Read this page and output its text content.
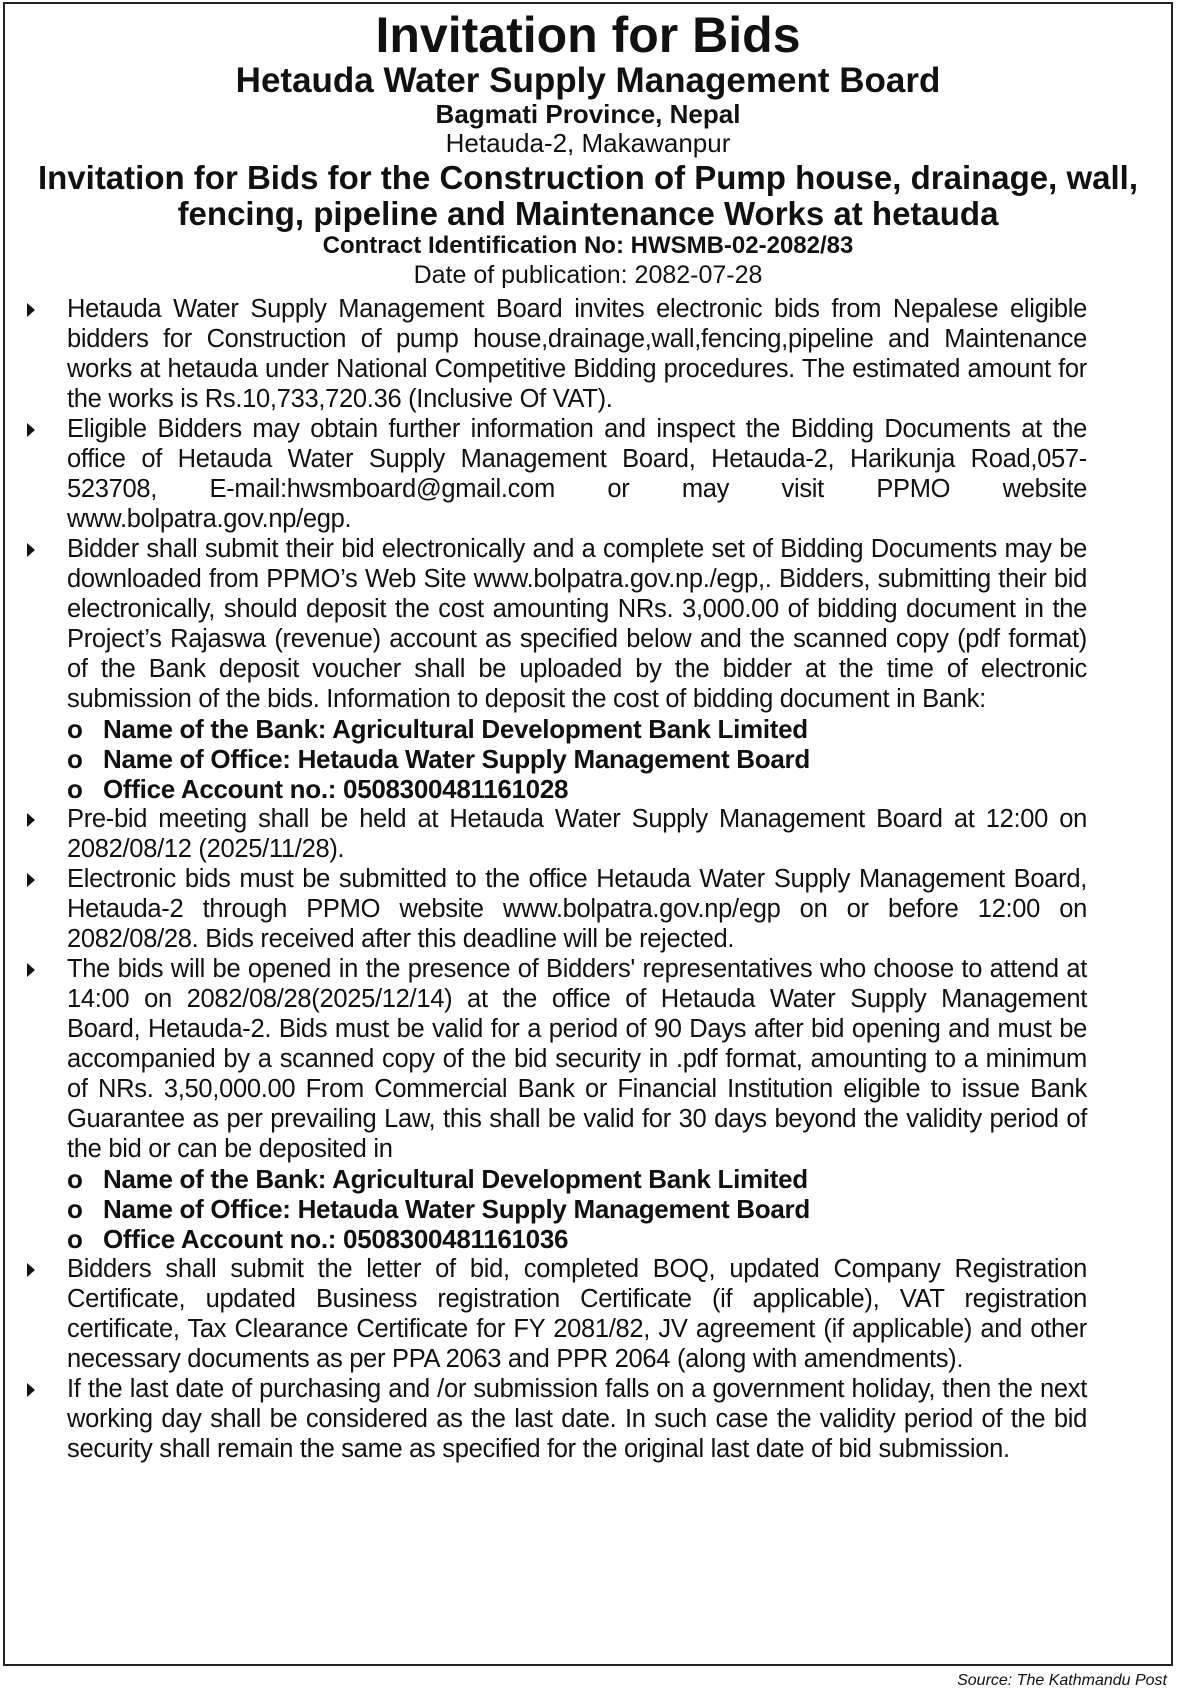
Invitation for Bids
Hetauda Water Supply Management Board
Bagmati Province, Nepal
Hetauda-2, Makawanpur
Invitation for Bids for the Construction of Pump house, drainage, wall, fencing, pipeline and Maintenance Works at hetauda
Contract Identification No: HWSMB-02-2082/83
Date of publication: 2082-07-28
Hetauda Water Supply Management Board invites electronic bids from Nepalese eligible bidders for Construction of pump house,drainage,wall,fencing,pipeline and Maintenance works at hetauda under National Competitive Bidding procedures. The estimated amount for the works is Rs.10,733,720.36 (Inclusive Of VAT).
Eligible Bidders may obtain further information and inspect the Bidding Documents at the office of Hetauda Water Supply Management Board, Hetauda-2, Harikunja Road,057-523708, E-mail:hwsmboard@gmail.com or may visit PPMO website www.bolpatra.gov.np/egp.
Bidder shall submit their bid electronically and a complete set of Bidding Documents may be downloaded from PPMO’s Web Site www.bolpatra.gov.np./egp,. Bidders, submitting their bid electronically, should deposit the cost amounting NRs. 3,000.00 of bidding document in the Project’s Rajaswa (revenue) account as specified below and the scanned copy (pdf format) of the Bank deposit voucher shall be uploaded by the bidder at the time of electronic submission of the bids. Information to deposit the cost of bidding document in Bank:
o Name of the Bank: Agricultural Development Bank Limited
o Name of Office: Hetauda Water Supply Management Board
o Office Account no.: 0508300481161028
Pre-bid meeting shall be held at Hetauda Water Supply Management Board at 12:00 on 2082/08/12 (2025/11/28).
Electronic bids must be submitted to the office Hetauda Water Supply Management Board, Hetauda-2 through PPMO website www.bolpatra.gov.np/egp on or before 12:00 on 2082/08/28. Bids received after this deadline will be rejected.
The bids will be opened in the presence of Bidders' representatives who choose to attend at 14:00 on 2082/08/28(2025/12/14) at the office of Hetauda Water Supply Management Board, Hetauda-2. Bids must be valid for a period of 90 Days after bid opening and must be accompanied by a scanned copy of the bid security in .pdf format, amounting to a minimum of NRs. 3,50,000.00 From Commercial Bank or Financial Institution eligible to issue Bank Guarantee as per prevailing Law, this shall be valid for 30 days beyond the validity period of the bid or can be deposited in
o Name of the Bank: Agricultural Development Bank Limited
o Name of Office: Hetauda Water Supply Management Board
o Office Account no.: 0508300481161036
Bidders shall submit the letter of bid, completed BOQ, updated Company Registration Certificate, updated Business registration Certificate (if applicable), VAT registration certificate, Tax Clearance Certificate for FY 2081/82, JV agreement (if applicable) and other necessary documents as per PPA 2063 and PPR 2064 (along with amendments).
If the last date of purchasing and /or submission falls on a government holiday, then the next working day shall be considered as the last date. In such case the validity period of the bid security shall remain the same as specified for the original last date of bid submission.
Source: The Kathmandu Post
